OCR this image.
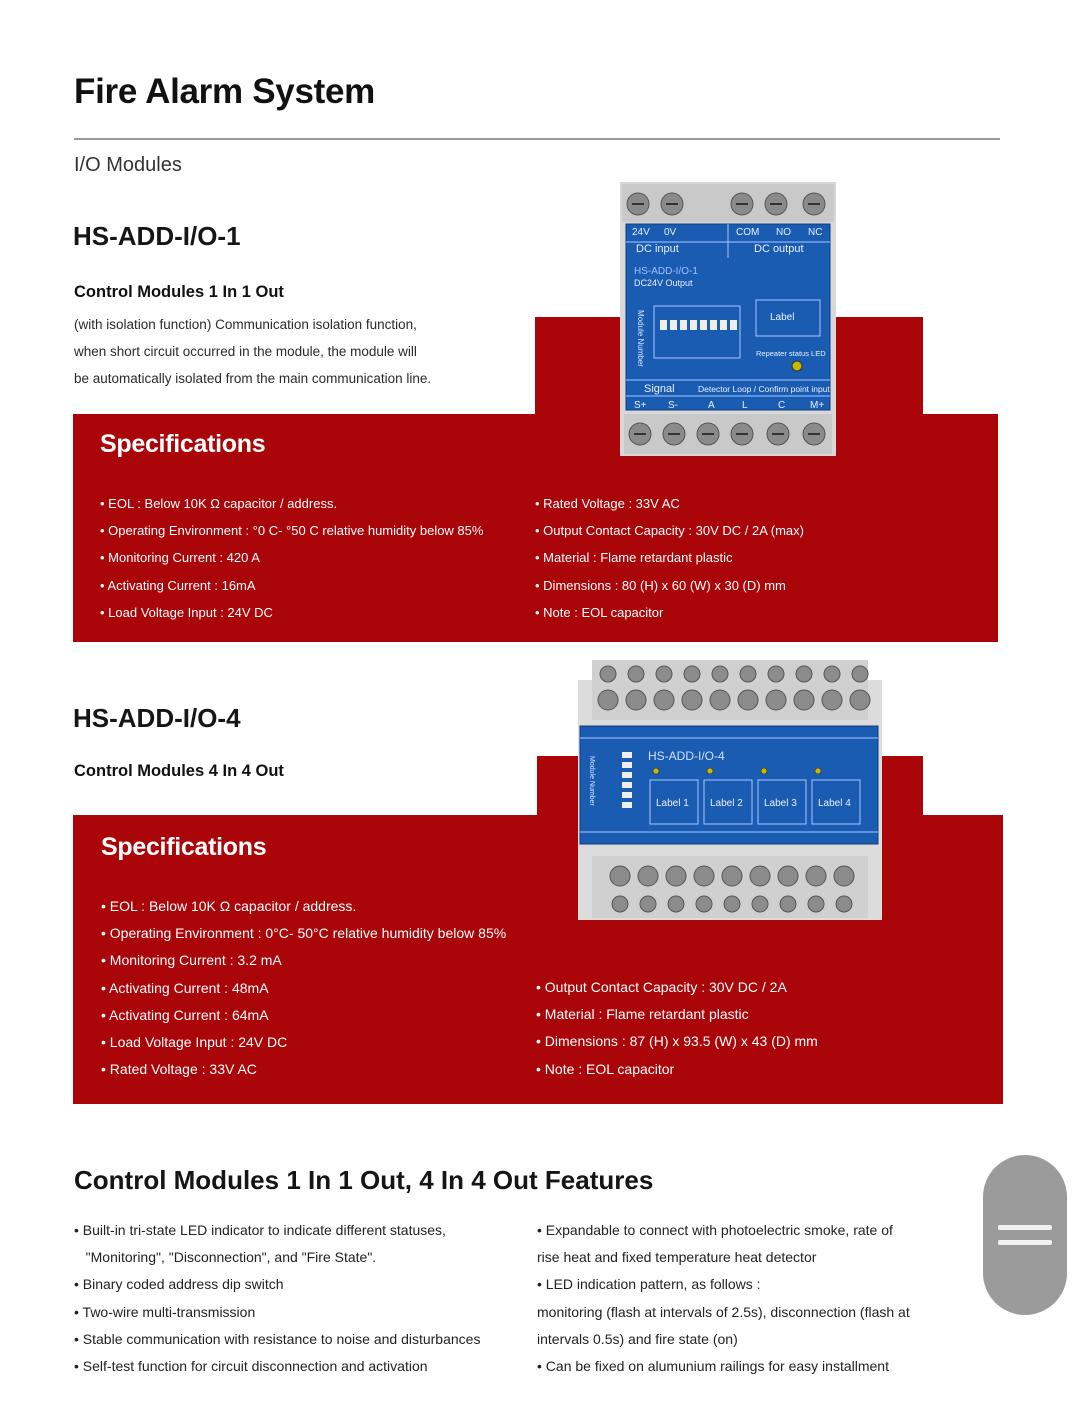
Fire Alarm System
I/O Modules
HS-ADD-I/O-1
Control Modules 1 In 1 Out
(with isolation function) Communication isolation function,
when short circuit occurred in the module, the module will
be automatically isolated from the main communication line.
Specifications
• EOL : Below 10K Ω capacitor / address.
• Operating Environment : °0 C- °50 C relative humidity below 85%
• Monitoring Current : 420 A
• Activating Current : 16mA
• Load Voltage Input : 24V DC
• Rated Voltage : 33V AC
• Output Contact Capacity : 30V DC / 2A (max)
• Material : Flame retardant plastic
• Dimensions : 80 (H) x 60 (W) x 30 (D) mm
• Note : EOL capacitor
24V 0V	COM NO NC
DC input	DC output
HS-ADD-I/O-1
DC24V Output
Label
Repeater status LED
Signal	Detector Loop / Confirm point input
Module Number
S+ S-	A	L	C M+
HS-ADD-I/O-4
Control Modules 4 In 4 Out
Specifications
• EOL : Below 10K Ω capacitor / address.
• Operating Environment : 0°C- 50°C relative humidity below 85%
• Monitoring Current : 3.2 mA
• Activating Current : 48mA
• Activating Current : 64mA
• Load Voltage Input : 24V DC
• Rated Voltage : 33V AC
• Output Contact Capacity : 30V DC / 2A
• Material : Flame retardant plastic
• Dimensions : 87 (H) x 93.5 (W) x 43 (D) mm
• Note : EOL capacitor
HS-ADD-I/O-4
Module Number	Label 1 Label 2 Label 3 Label 4
Control Modules 1 In 1 Out, 4 In 4 Out Features
• Built-in tri-state LED indicator to indicate different statuses,
"Monitoring", "Disconnection", and "Fire State".
• Binary coded address dip switch
• Two-wire multi-transmission
• Stable communication with resistance to noise and disturbances
• Self-test function for circuit disconnection and activation
• Expandable to connect with photoelectric smoke, rate of
rise heat and fixed temperature heat detector
• LED indication pattern, as follows :
monitoring (flash at intervals of 2.5s), disconnection (flash at
intervals 0.5s) and fire state (on)
• Can be fixed on alumunium railings for easy installment
